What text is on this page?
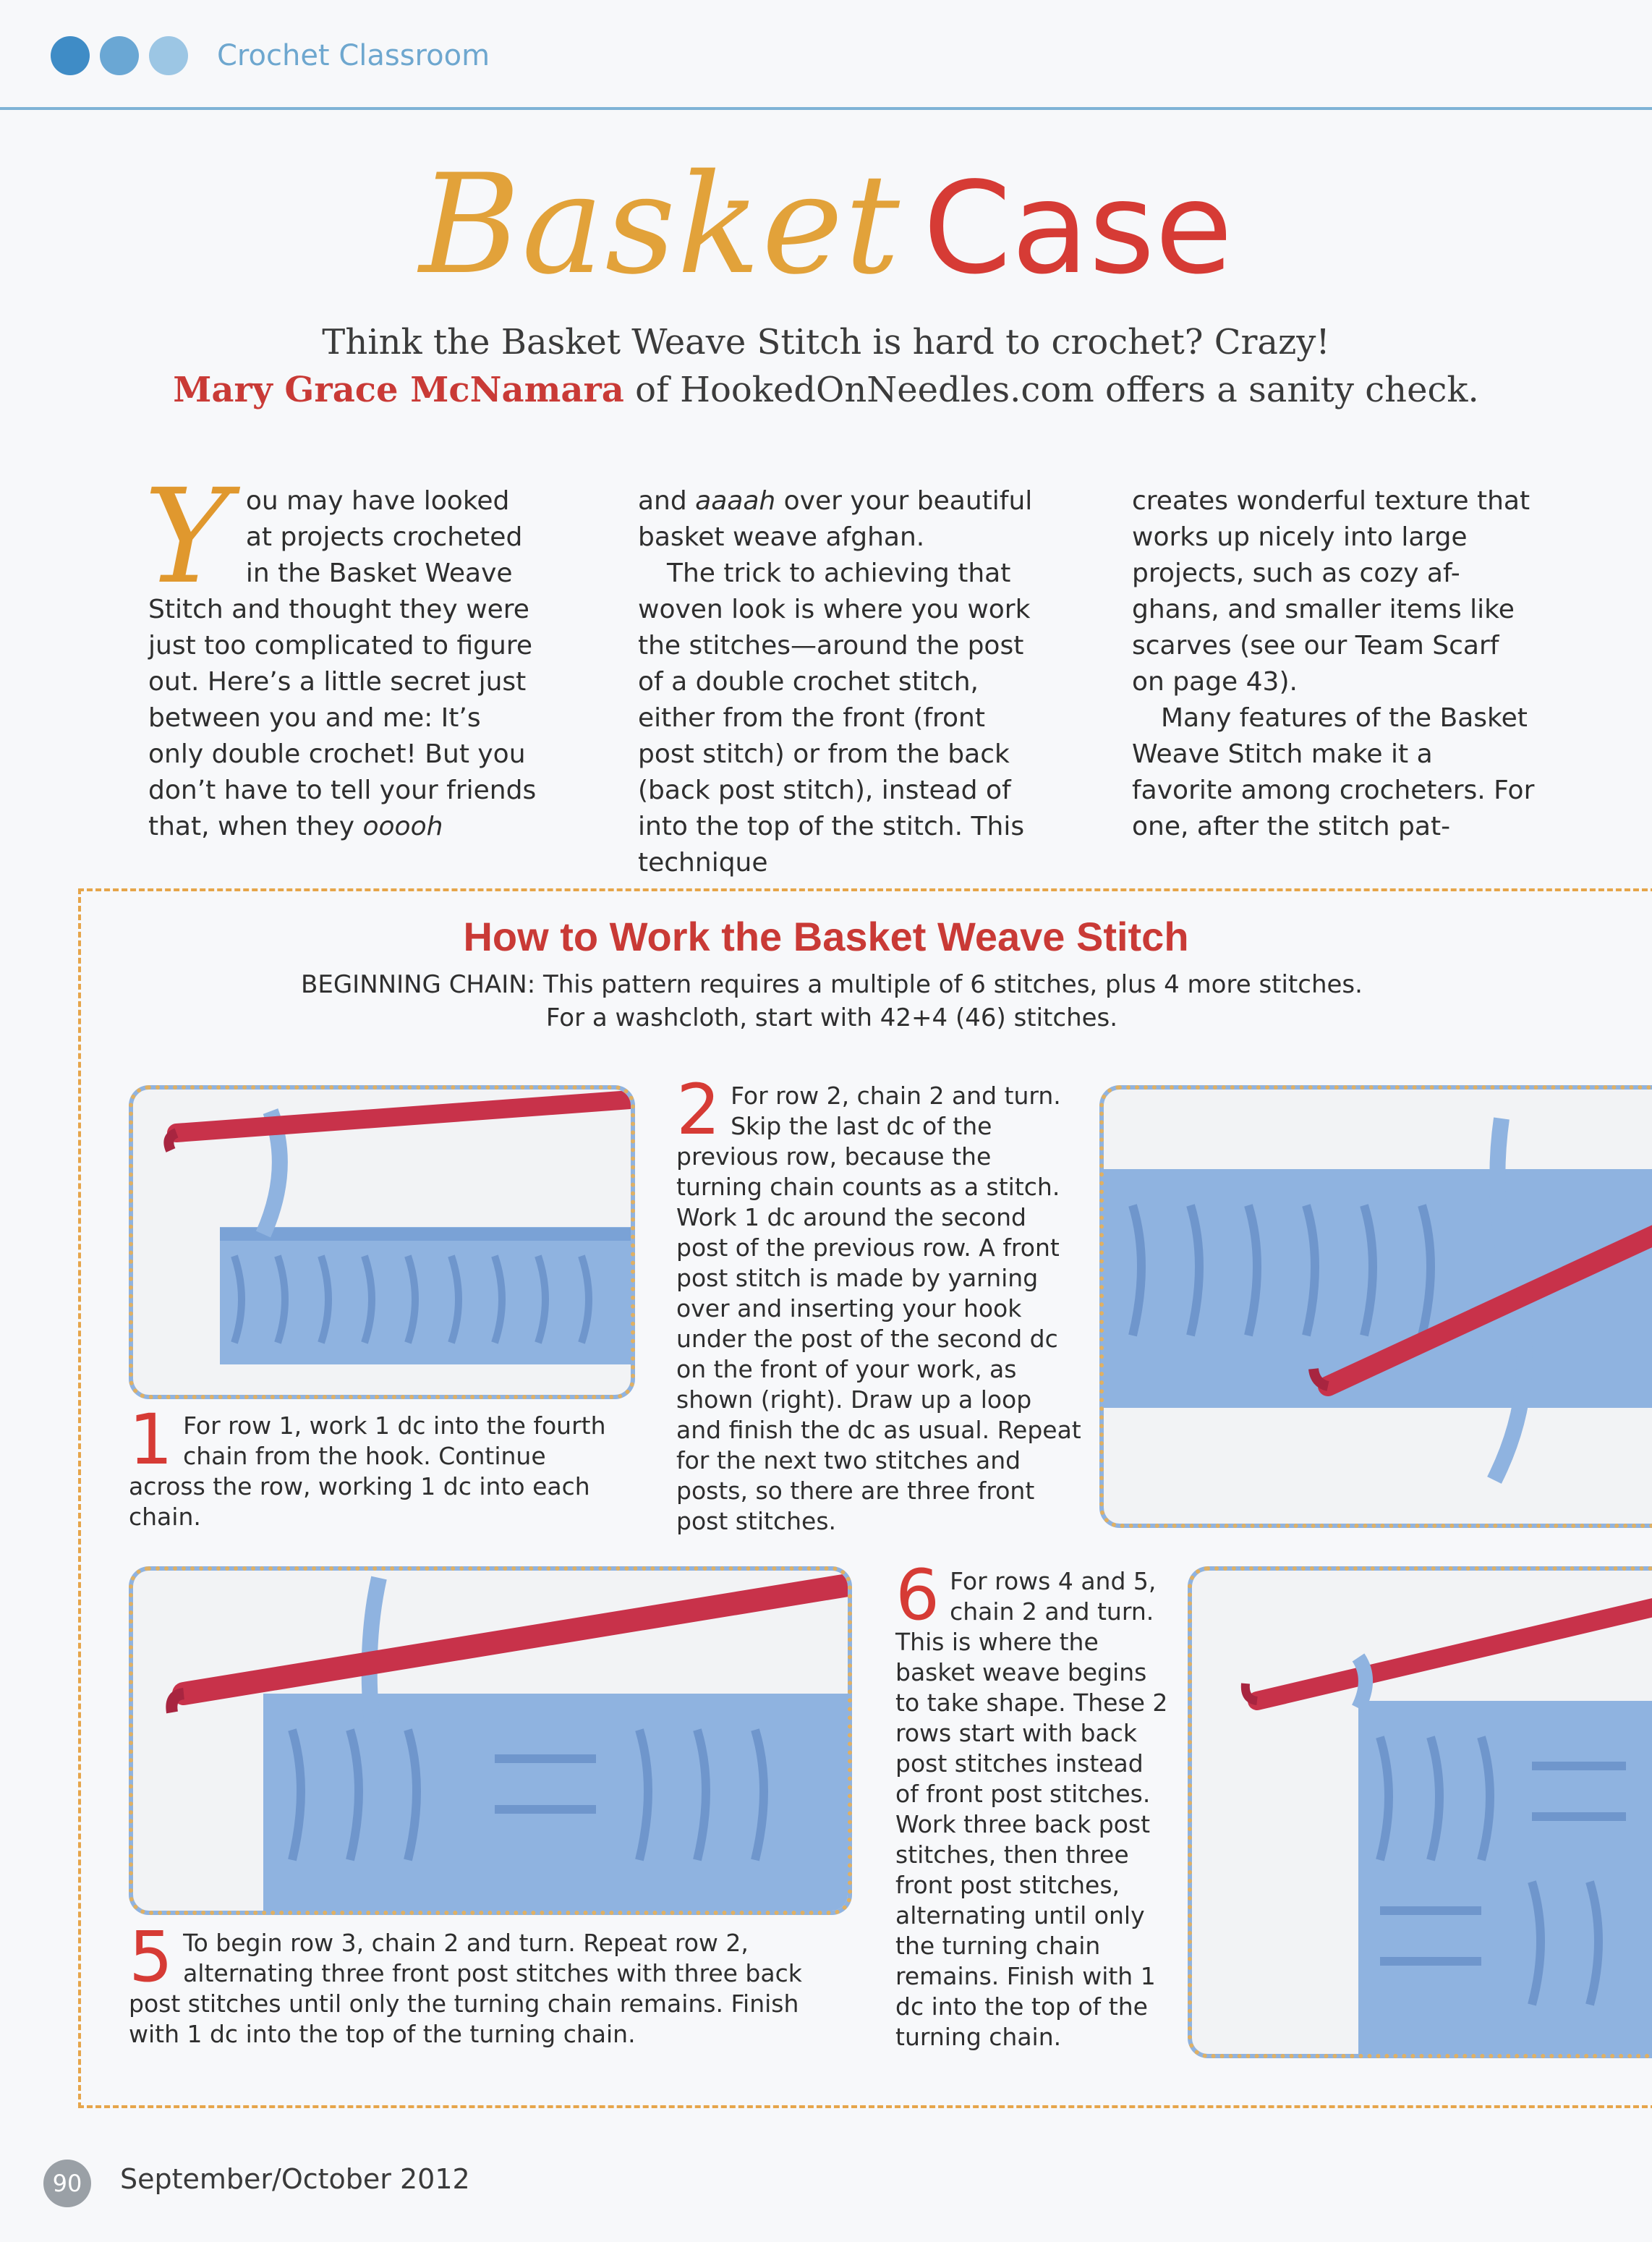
Crochet Classroom
Basket Case
Think the Basket Weave Stitch is hard to crochet? Crazy!
Mary Grace McNamara of HookedOnNeedles.com offers a sanity check.
Y ou may have looked at projects crocheted in the Basket Weave Stitch and thought they were just too complicated to figure out. Here’s a little secret just between you and me: It’s only double crochet! But you don’t have to tell your friends that, when they ooooh

and aaaah over your beautiful basket weave afghan.

The trick to achieving that woven look is where you work the stitches—around the post of a double crochet stitch, either from the front (front post stitch) or from the back (back post stitch), instead of into the top of the stitch. This technique

creates wonderful texture that works up nicely into large projects, such as cozy af-ghans, and smaller items like scarves (see our Team Scarf on page 43).

Many features of the Basket Weave Stitch make it a favorite among crocheters. For one, after the stitch pat-

How to Work the Basket Weave Stitch
BEGINNING CHAIN: This pattern requires a multiple of 6 stitches, plus 4 more stitches.
For a washcloth, start with 42+4 (46) stitches.
1 For row 1, work 1 dc into the fourth chain from the hook. Continue across the row, working 1 dc into each chain.
2 For row 2, chain 2 and turn. Skip the last dc of the previous row, because the turning chain counts as a stitch. Work 1 dc around the second post of the previous row. A front post stitch is made by yarning over and inserting your hook under the post of the second dc on the front of your work, as shown (right). Draw up a loop and finish the dc as usual. Repeat for the next two stitches and posts, so there are three front post stitches.
5 To begin row 3, chain 2 and turn. Repeat row 2, alternating three front post stitches with three back post stitches until only the turning chain remains. Finish with 1 dc into the top of the turning chain.
6 For rows 4 and 5, chain 2 and turn. This is where the basket weave begins to take shape. These 2 rows start with back post stitches instead of front post stitches. Work three back post stitches, then three front post stitches, alternating until only the turning chain remains. Finish with 1 dc into the top of the turning chain.
90	September/October 2012
